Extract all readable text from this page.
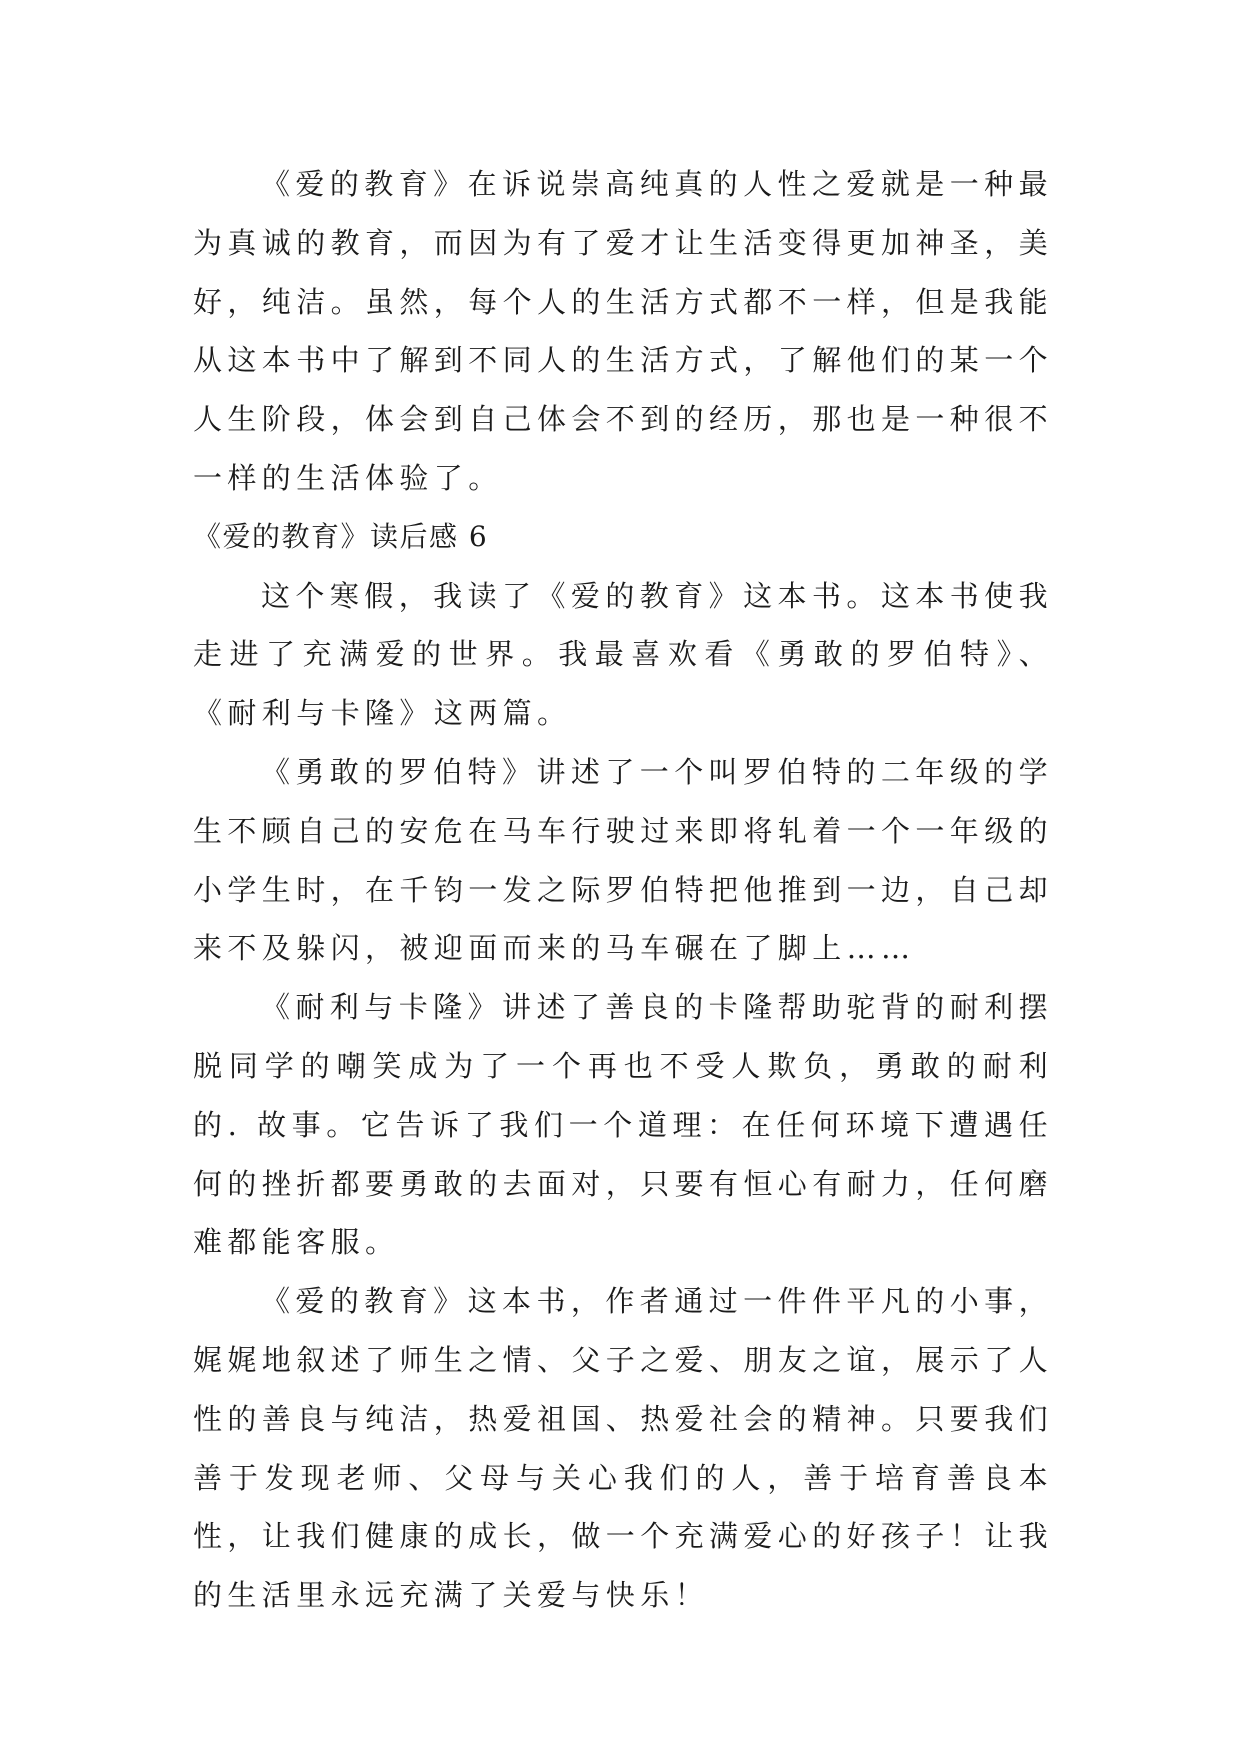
《爱的教育》在诉说崇高纯真的人性之爱就是一种最为真诚的教育，而因为有了爱才让生活变得更加神圣，美好，纯洁。虽然，每个人的生活方式都不一样，但是我能从这本书中了解到不同人的生活方式，了解他们的某一个人生阶段，体会到自己体会不到的经历，那也是一种很不一样的生活体验了。

《爱的教育》读后感 6

这个寒假，我读了《爱的教育》这本书。这本书使我走进了充满爱的世界。我最喜欢看《勇敢的罗伯特》、《耐利与卡隆》这两篇。

《勇敢的罗伯特》讲述了一个叫罗伯特的二年级的学生不顾自己的安危在马车行驶过来即将轧着一个一年级的小学生时，在千钧一发之际罗伯特把他推到一边，自己却来不及躲闪，被迎面而来的马车碾在了脚上……

《耐利与卡隆》讲述了善良的卡隆帮助驼背的耐利摆脱同学的嘲笑成为了一个再也不受人欺负，勇敢的耐利的. 故事。它告诉了我们一个道理：在任何环境下遭遇任何的挫折都要勇敢的去面对，只要有恒心有耐力，任何磨难都能客服。

《爱的教育》这本书，作者通过一件件平凡的小事，娓娓地叙述了师生之情、父子之爱、朋友之谊，展示了人性的善良与纯洁，热爱祖国、热爱社会的精神。只要我们善于发现老师、父母与关心我们的人，善于培育善良本性，让我们健康的成长，做一个充满爱心的好孩子！让我的生活里永远充满了关爱与快乐！
